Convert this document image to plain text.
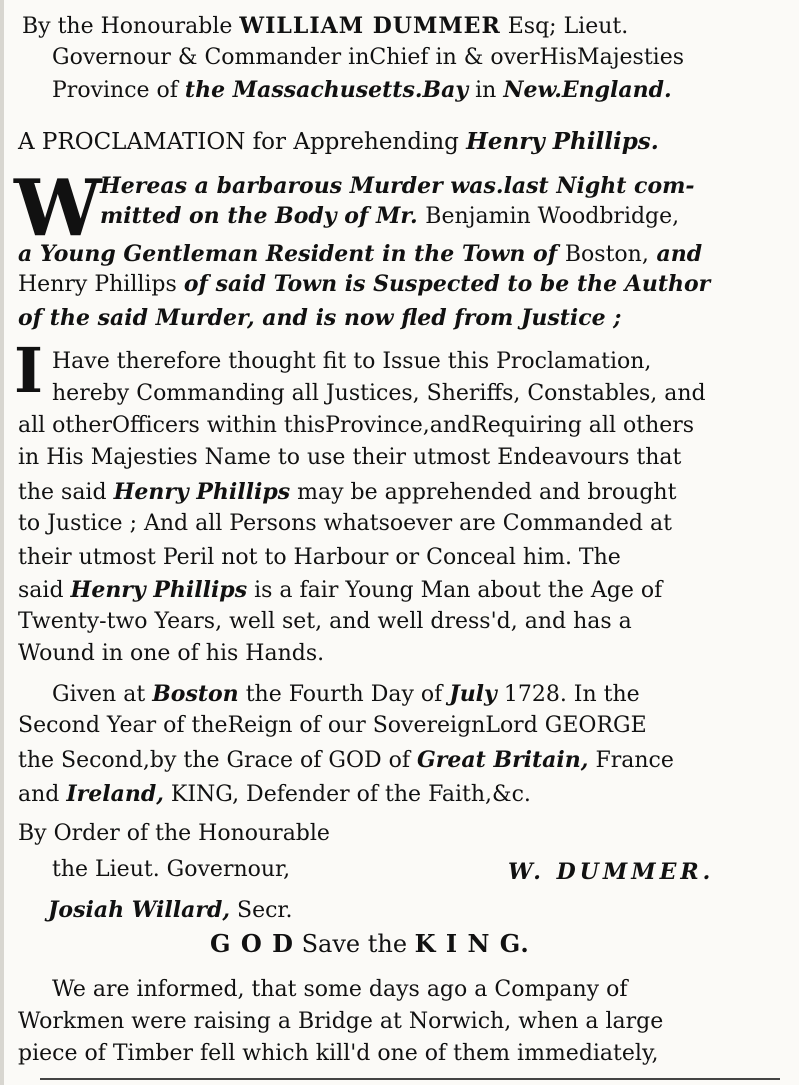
By the Honourable WILLIAM DUMMER Esq; Lieut.
Governour & Commander inChief in & overHisMajesties
Province of the Massachusetts.Bay in New.England.
A PROCLAMATION for Apprehending Henry Phillips.
W
Hereas a barbarous Murder was.last Night com-
mitted on the Body of Mr. Benjamin Woodbridge,
a Young Gentleman Resident in the Town of Boston, and
Henry Phillips of said Town is Suspected to be the Author
of the said Murder, and is now fled from Justice ;
I Have therefore thought fit to Issue this Proclamation,
hereby Commanding all Justices, Sheriffs, Constables, and
all otherOfficers within thisProvince,andRequiring all others
in His Majesties Name to use their utmost Endeavours that
the said Henry Phillips may be apprehended and brought
to Justice ; And all Persons whatsoever are Commanded at
their utmost Peril not to Harbour or Conceal him. The
said Henry Phillips is a fair Young Man about the Age of
Twenty-two Years, well set, and well dress'd, and has a
Wound in one of his Hands.
Given at Boston the Fourth Day of July 1728. In the
Second Year of theReign of our SovereignLord GEORGE
the Second,by the Grace of GOD of Great Britain, France
and Ireland, KING, Defender of the Faith,&c.
By Order of the Honourable
the Lieut. Governour,	W. DUMMER.
Josiah Willard, Secr.
G O D Save the K I N G.
We are informed, that some days ago a Company of
Workmen were raising a Bridge at Norwich, when a large
piece of Timber fell which kill'd one of them immediately,
